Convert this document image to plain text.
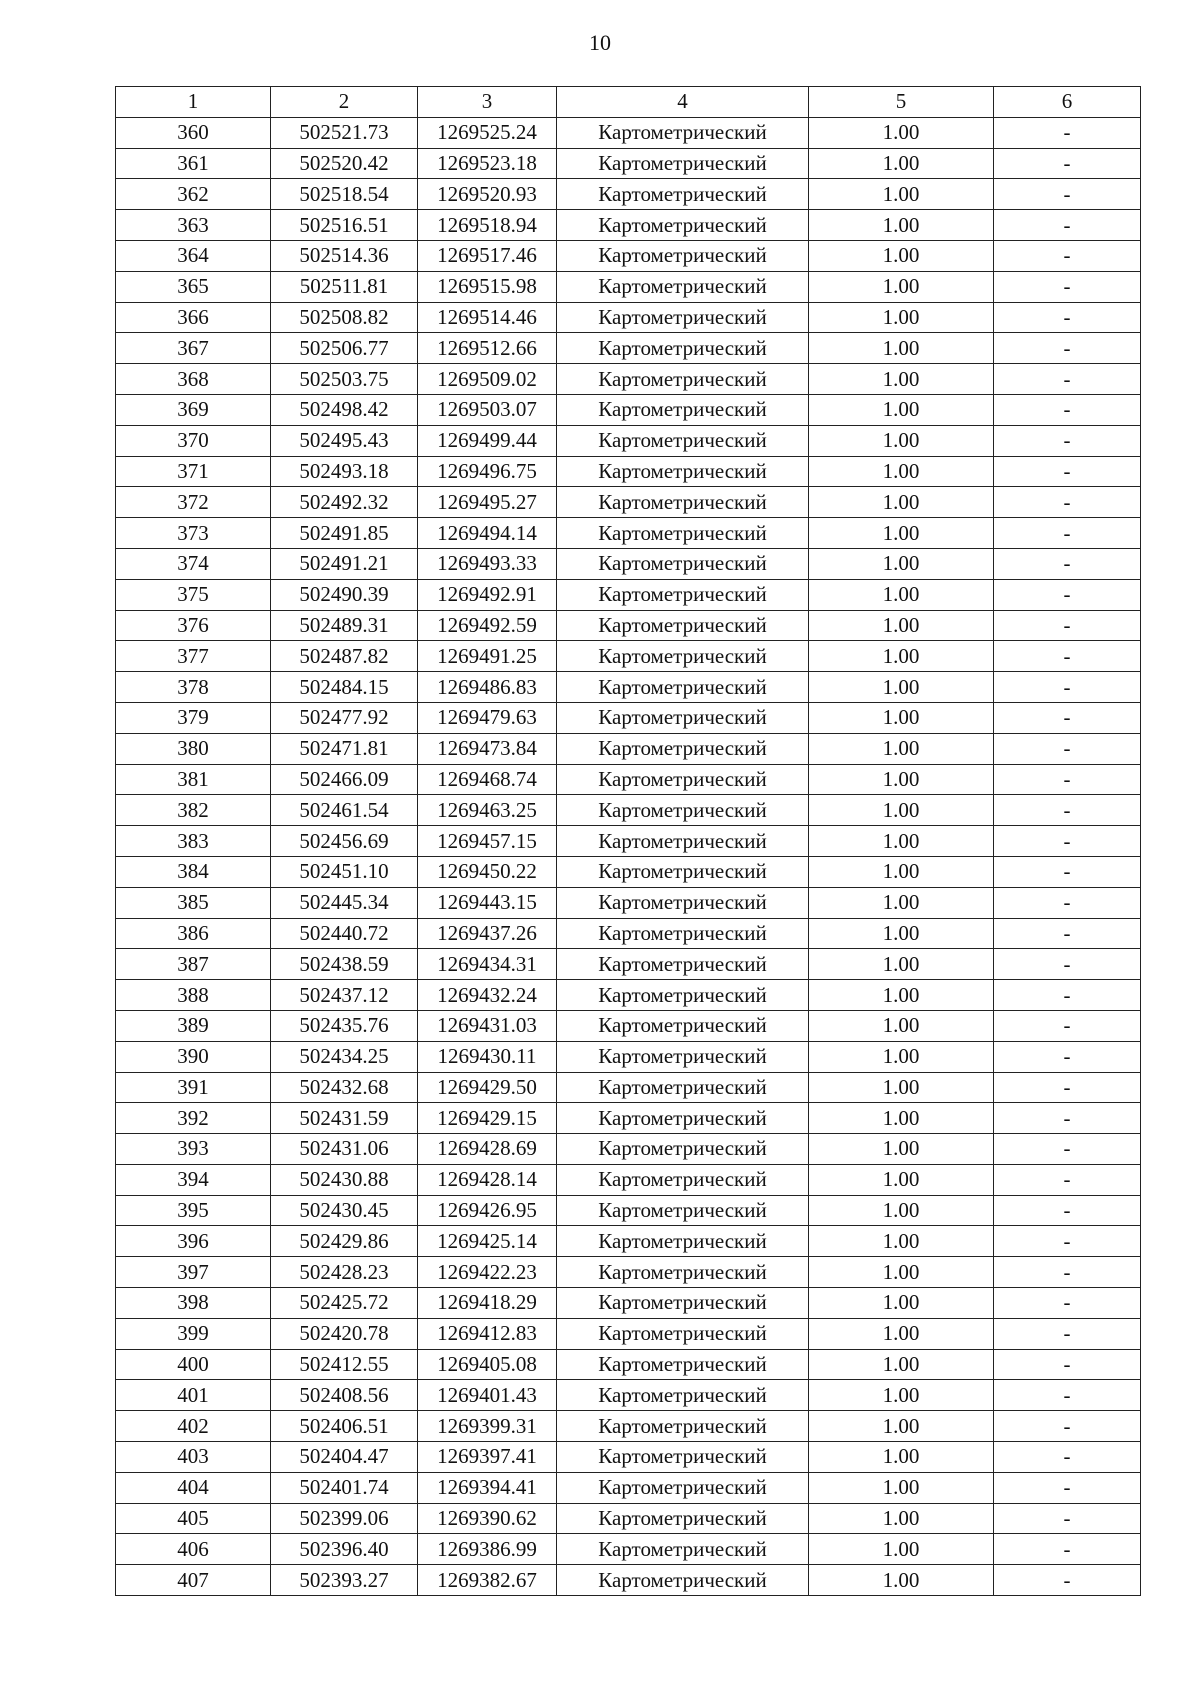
10
1	2	3	4	5	6
360	502521.73	1269525.24	Картометрический	1.00	-
361	502520.42	1269523.18	Картометрический	1.00	-
362	502518.54	1269520.93	Картометрический	1.00	-
363	502516.51	1269518.94	Картометрический	1.00	-
364	502514.36	1269517.46	Картометрический	1.00	-
365	502511.81	1269515.98	Картометрический	1.00	-
366	502508.82	1269514.46	Картометрический	1.00	-
367	502506.77	1269512.66	Картометрический	1.00	-
368	502503.75	1269509.02	Картометрический	1.00	-
369	502498.42	1269503.07	Картометрический	1.00	-
370	502495.43	1269499.44	Картометрический	1.00	-
371	502493.18	1269496.75	Картометрический	1.00	-
372	502492.32	1269495.27	Картометрический	1.00	-
373	502491.85	1269494.14	Картометрический	1.00	-
374	502491.21	1269493.33	Картометрический	1.00	-
375	502490.39	1269492.91	Картометрический	1.00	-
376	502489.31	1269492.59	Картометрический	1.00	-
377	502487.82	1269491.25	Картометрический	1.00	-
378	502484.15	1269486.83	Картометрический	1.00	-
379	502477.92	1269479.63	Картометрический	1.00	-
380	502471.81	1269473.84	Картометрический	1.00	-
381	502466.09	1269468.74	Картометрический	1.00	-
382	502461.54	1269463.25	Картометрический	1.00	-
383	502456.69	1269457.15	Картометрический	1.00	-
384	502451.10	1269450.22	Картометрический	1.00	-
385	502445.34	1269443.15	Картометрический	1.00	-
386	502440.72	1269437.26	Картометрический	1.00	-
387	502438.59	1269434.31	Картометрический	1.00	-
388	502437.12	1269432.24	Картометрический	1.00	-
389	502435.76	1269431.03	Картометрический	1.00	-
390	502434.25	1269430.11	Картометрический	1.00	-
391	502432.68	1269429.50	Картометрический	1.00	-
392	502431.59	1269429.15	Картометрический	1.00	-
393	502431.06	1269428.69	Картометрический	1.00	-
394	502430.88	1269428.14	Картометрический	1.00	-
395	502430.45	1269426.95	Картометрический	1.00	-
396	502429.86	1269425.14	Картометрический	1.00	-
397	502428.23	1269422.23	Картометрический	1.00	-
398	502425.72	1269418.29	Картометрический	1.00	-
399	502420.78	1269412.83	Картометрический	1.00	-
400	502412.55	1269405.08	Картометрический	1.00	-
401	502408.56	1269401.43	Картометрический	1.00	-
402	502406.51	1269399.31	Картометрический	1.00	-
403	502404.47	1269397.41	Картометрический	1.00	-
404	502401.74	1269394.41	Картометрический	1.00	-
405	502399.06	1269390.62	Картометрический	1.00	-
406	502396.40	1269386.99	Картометрический	1.00	-
407	502393.27	1269382.67	Картометрический	1.00	-
